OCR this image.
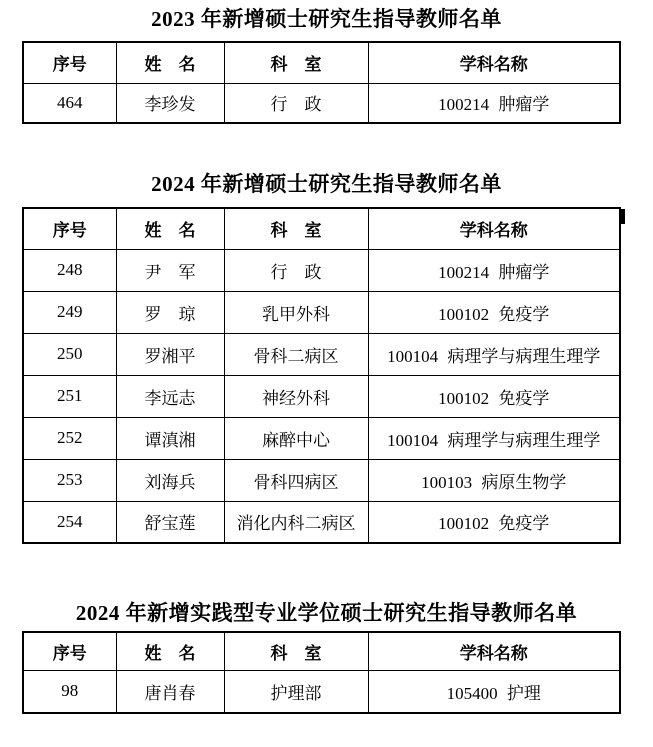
2023 年新增硕士研究生指导教师名单
序号	姓　名	科　室	学科名称
464	李珍发	行　政	100214 肿瘤学
2024 年新增硕士研究生指导教师名单
序号	姓　名	科　室	学科名称
248	尹　军	行　政	100214 肿瘤学
249	罗　琼	乳甲外科	100102 免疫学
250	罗湘平	骨科二病区	100104 病理学与病理生理学
251	李远志	神经外科	100102 免疫学
252	谭滇湘	麻醉中心	100104 病理学与病理生理学
253	刘海兵	骨科四病区	100103 病原生物学
254	舒宝莲	消化内科二病区	100102 免疫学
2024 年新增实践型专业学位硕士研究生指导教师名单
序号	姓　名	科　室	学科名称
98	唐肖春	护理部	105400 护理
